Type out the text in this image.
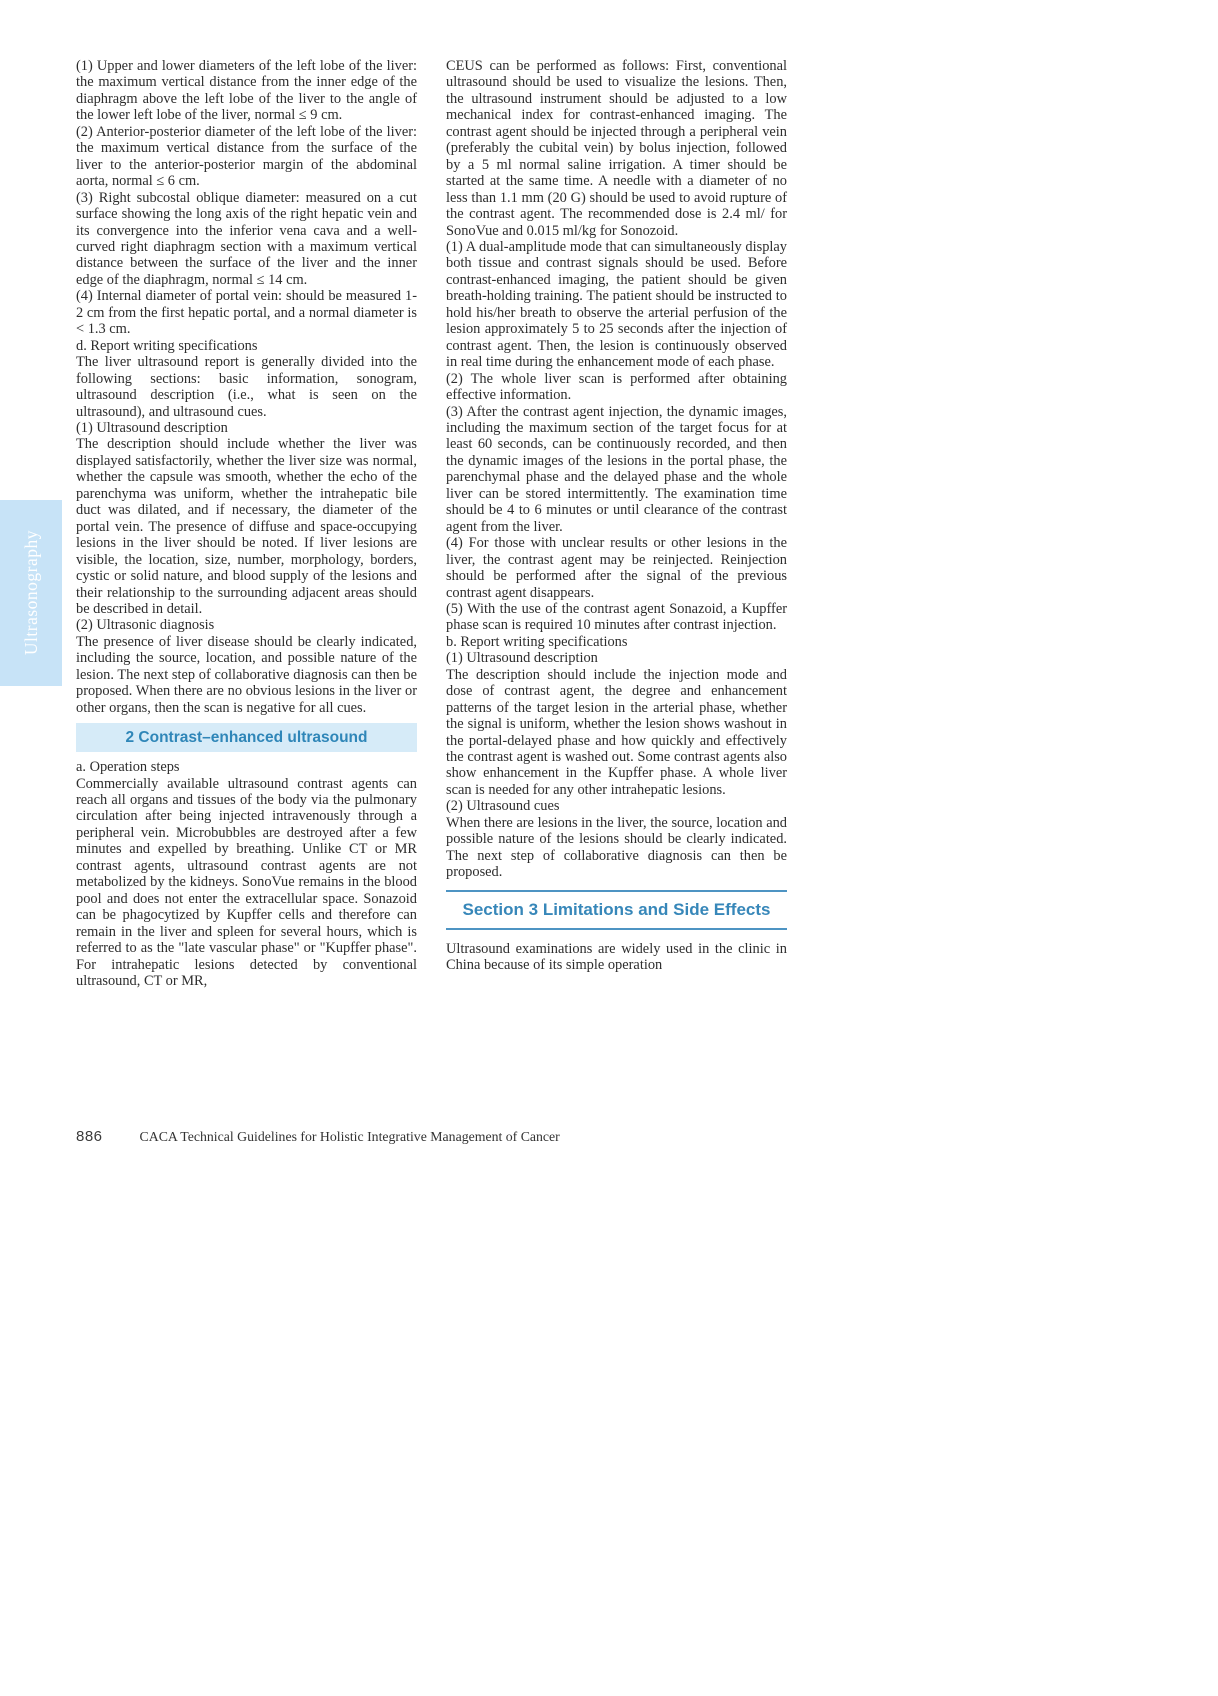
Ultrasonography

(1) Upper and lower diameters of the left lobe of the liver: the maximum vertical distance from the inner edge of the diaphragm above the left lobe of the liver to the angle of the lower left lobe of the liver, normal ≤ 9 cm.

(2) Anterior-posterior diameter of the left lobe of the liver: the maximum vertical distance from the surface of the liver to the anterior-posterior margin of the abdominal aorta, normal ≤ 6 cm.

(3) Right subcostal oblique diameter: measured on a cut surface showing the long axis of the right hepatic vein and its convergence into the inferior vena cava and a well-curved right diaphragm section with a maximum vertical distance between the surface of the liver and the inner edge of the diaphragm, normal ≤ 14 cm.

(4) Internal diameter of portal vein: should be measured 1-2 cm from the first hepatic portal, and a normal diameter is < 1.3 cm.

d. Report writing specifications

The liver ultrasound report is generally divided into the following sections: basic information, sonogram, ultrasound description (i.e., what is seen on the ultrasound), and ultrasound cues.

(1) Ultrasound description

The description should include whether the liver was displayed satisfactorily, whether the liver size was normal, whether the capsule was smooth, whether the echo of the parenchyma was uniform, whether the intrahepatic bile duct was dilated, and if necessary, the diameter of the portal vein. The presence of diffuse and space-occupying lesions in the liver should be noted. If liver lesions are visible, the location, size, number, morphology, borders, cystic or solid nature, and blood supply of the lesions and their relationship to the surrounding adjacent areas should be described in detail.

(2) Ultrasonic diagnosis

The presence of liver disease should be clearly indicated, including the source, location, and possible nature of the lesion. The next step of collaborative diagnosis can then be proposed. When there are no obvious lesions in the liver or other organs, then the scan is negative for all cues.

2 Contrast–enhanced ultrasound

a. Operation steps

Commercially available ultrasound contrast agents can reach all organs and tissues of the body via the pulmonary circulation after being injected intravenously through a peripheral vein. Microbubbles are destroyed after a few minutes and expelled by breathing. Unlike CT or MR contrast agents, ultrasound contrast agents are not metabolized by the kidneys. SonoVue remains in the blood pool and does not enter the extracellular space. Sonazoid can be phagocytized by Kupffer cells and therefore can remain in the liver and spleen for several hours, which is referred to as the "late vascular phase" or "Kupffer phase". For intrahepatic lesions detected by conventional ultrasound, CT or MR,

CEUS can be performed as follows: First, conventional ultrasound should be used to visualize the lesions. Then, the ultrasound instrument should be adjusted to a low mechanical index for contrast-enhanced imaging. The contrast agent should be injected through a peripheral vein (preferably the cubital vein) by bolus injection, followed by a 5 ml normal saline irrigation. A timer should be started at the same time. A needle with a diameter of no less than 1.1 mm (20 G) should be used to avoid rupture of the contrast agent. The recommended dose is 2.4 ml/ for SonoVue and 0.015 ml/kg for Sonozoid.

(1) A dual-amplitude mode that can simultaneously display both tissue and contrast signals should be used. Before contrast-enhanced imaging, the patient should be given breath-holding training. The patient should be instructed to hold his/her breath to observe the arterial perfusion of the lesion approximately 5 to 25 seconds after the injection of contrast agent. Then, the lesion is continuously observed in real time during the enhancement mode of each phase.

(2) The whole liver scan is performed after obtaining effective information.

(3) After the contrast agent injection, the dynamic images, including the maximum section of the target focus for at least 60 seconds, can be continuously recorded, and then the dynamic images of the lesions in the portal phase, the parenchymal phase and the delayed phase and the whole liver can be stored intermittently. The examination time should be 4 to 6 minutes or until clearance of the contrast agent from the liver.

(4) For those with unclear results or other lesions in the liver, the contrast agent may be reinjected. Reinjection should be performed after the signal of the previous contrast agent disappears.

(5) With the use of the contrast agent Sonazoid, a Kupffer phase scan is required 10 minutes after contrast injection.

b. Report writing specifications

(1) Ultrasound description

The description should include the injection mode and dose of contrast agent, the degree and enhancement patterns of the target lesion in the arterial phase, whether the signal is uniform, whether the lesion shows washout in the portal-delayed phase and how quickly and effectively the contrast agent is washed out. Some contrast agents also show enhancement in the Kupffer phase. A whole liver scan is needed for any other intrahepatic lesions.

(2) Ultrasound cues

When there are lesions in the liver, the source, location and possible nature of the lesions should be clearly indicated. The next step of collaborative diagnosis can then be proposed.

Section 3 Limitations and Side Effects

Ultrasound examinations are widely used in the clinic in China because of its simple operation

886	CACA Technical Guidelines for Holistic Integrative Management of Cancer
